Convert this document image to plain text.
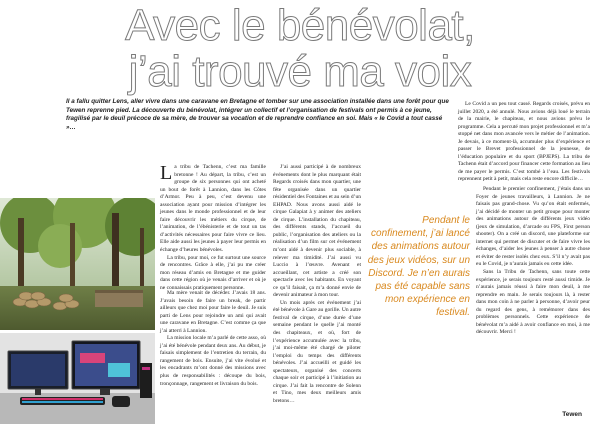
Avec le bénévolat,
j’ai trouvé ma voix
Il a fallu quitter Lens, aller vivre dans une caravane en Bretagne et tomber sur une association installée dans une forêt pour que Tewen reprenne pied. La découverte du bénévolat, intégrer un collectif et l’organisation de festivals ont permis à ce jeune, fragilisé par le deuil précoce de sa mère, de trouver sa vocation et de reprendre confiance en soi. Mais « le Covid a tout cassé »…

La tribu de Tachenn, c’est ma famille bretonne ! Au départ, la tribu, c’est un groupe de six personnes qui ont acheté un bout de forêt à Lannion, dans les Côtes d’Armor. Peu à peu, c’est devenu une association ayant pour mission d’intégrer les jeunes dans le monde professionnel et de leur faire découvrir les métiers du cirque, de l’animation, de l’ébénisterie et de tout un tas d’activités nécessaires pour faire vivre ce lieu. Elle aide aussi les jeunes à payer leur permis en échange d’heures bénévoles.

La tribu, pour moi, ce fut surtout une source de rencontres. Grâce à elle, j’ai pu me créer mon réseau d’amis en Bretagne et me guider dans cette région où je venais d’arriver et où je ne connaissais pratiquement personne.

Ma mère venait de décéder. J’avais 18 ans. J’avais besoin de faire un break, de partir ailleurs que chez moi pour faire le deuil. Je suis parti de Lens pour rejoindre un ami qui avait une caravane en Bretagne. C’est comme ça que j’ai atterri à Lannion.

La mission locale m’a parlé de cette asso, où j’ai été bénévole pendant deux ans. Au début, je faisais simplement de l’entretien du terrain, du rangement de bois. Ensuite, j’ai vite évolué et les encadrants m’ont donné des missions avec plus de responsabilités : découpe du bois, tronçonnage, rangement et livraison du bois.

J’ai aussi participé à de nombreux événements dont le plus marquant était Regards croisés dans mon quartier, une fête organisée dans un quartier résidentiel des Fontaines et au sein d’un EHPAD. Nous avons aussi aidé le cirque Galapiat à y animer des ateliers de cirque. L’installation du chapiteau, des différents stands, l’accueil du public, l’organisation des ateliers ou la réalisation d’un film sur cet événement m’ont aidé à devenir plus sociable, à relever ma timidité. J’ai aussi vu Luccio à l’œuvre. Avenant et accueillant, cet artiste a créé son spectacle avec les habitants. En voyant ce qu’il faisait, ça m’a donné envie de devenir animateur à mon tour.

Un mois après cet événement j’ai été bénévole à Gare au gorille. Un autre festival de cirque, d’une durée d’une semaine pendant le quelle j’ai monté des chapiteaux, et où, fort de l’expérience accumulée avec la tribu, j’ai moi-même été chargé de piloter l’emploi du temps des différents bénévoles. J’ai accueilli et guidé les spectateurs, organisé des concerts chaque soir et participé à l’initiation au cirque. J’ai fait la rencontre de Solenn et Tino, mes deux meilleurs amis bretons…

Pendant le confinement, j’ai lancé des animations autour des jeux vidéos, sur un Discord. Je n’en aurais pas été capable sans mon expérience en festival.

Le Covid a un peu tout cassé. Regards croisés, prévu en juillet 2020, a été annulé. Nous avions déjà loué le terrain de la mairie, le chapiteau, et nous avions prévu le programme. Cela a percuté mon projet professionnel et m’a stoppé net dans mon avancée vers le métier de l’animation. Je devais, à ce moment-là, accumuler plus d’expérience et passer le Brevet professionnel de la jeunesse, de l’éducation populaire et du sport (BPJEPS). La tribu de Tachenn était d’accord pour financer cette formation au lieu de me payer le permis. C’est tombé à l’eau. Les festivals reprennent petit à petit, mais cela reste encore difficile…

Pendant le premier confinement, j’étais dans un Foyer de jeunes travailleurs, à Lannion. Je ne faisais pas grand-chose. Vu qu’on était enfermés, j’ai décidé de monter un petit groupe pour monter des animations autour de différents jeux vidéo (jeux de simulation, d’arcade ou FPS, First person shooter). On a créé un discord, une plateforme sur internet qui permet de discuter et de faire vivre les échanges, d’aider les jeunes à penser à autre chose et éviter de rester isolés chez eux. S’il n’y avait pas eu le Covid, je n’aurais jamais eu cette idée.

Sans la Tribu de Tachenn, sans toute cette expérience, je serais toujours resté aussi timide. Je n’aurais jamais réussi à faire mon deuil, à me reprendre en main. Je serais toujours là, à rester dans mon coin à ne parler à personne, d’avoir peur du regard des gens, à remémorer dans des problèmes personnels. Cette expérience de bénévolat m’a aidé à avoir confiance en moi, à me découvrir. Merci !

Tewen
